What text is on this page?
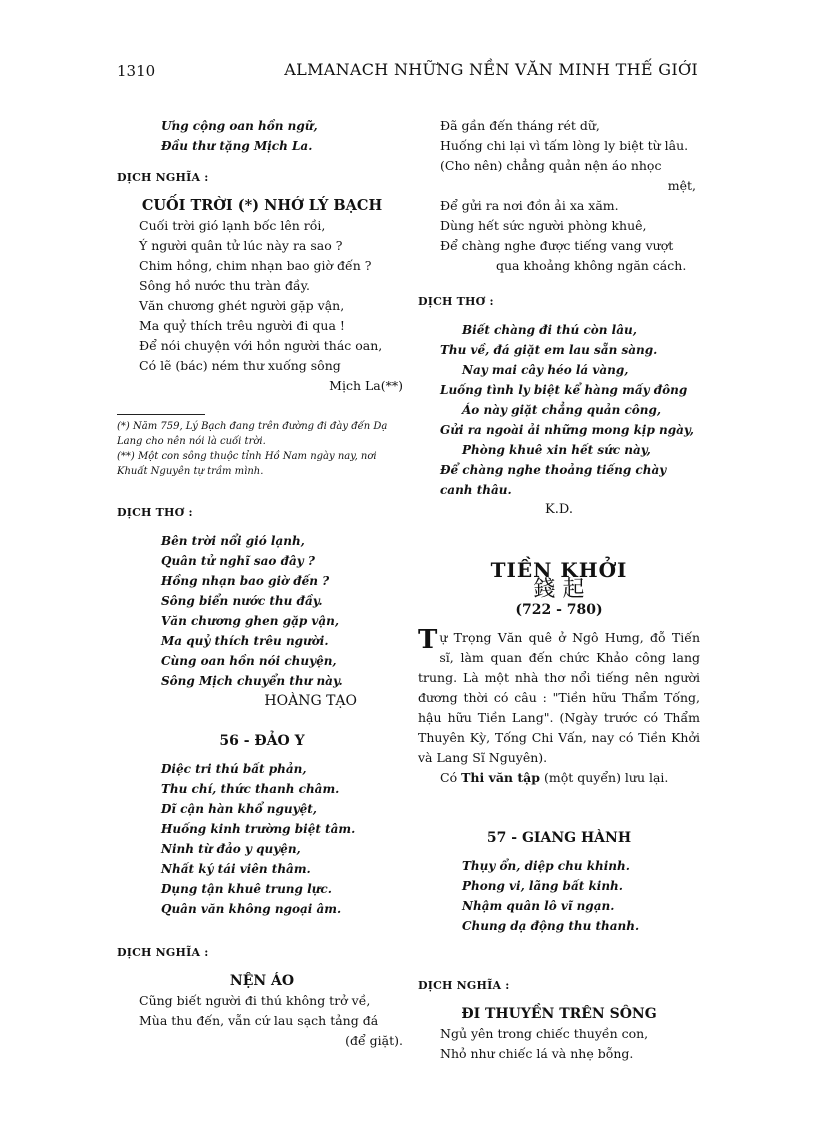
1310	ALMANACH NHỮNG NỀN VĂN MINH THẾ GIỚI
Ưng cộng oan hồn ngữ,
Đầu thư tặng Mịch La.
DỊCH NGHĨA :
CUỐI TRỜI (*) NHỚ LÝ BẠCH
Cuối trời gió lạnh bốc lên rồi,
Ý người quân tử lúc này ra sao ?
Chim hồng, chim nhạn bao giờ đến ?
Sông hồ nước thu tràn đầy.
Văn chương ghét người gặp vận,
Ma quỷ thích trêu người đi qua !
Để nói chuyện với hồn người thác oan,
Có lẽ (bác) ném thư xuống sông
Mịch La(**)
(*) Năm 759, Lý Bạch đang trên đường đi đày đến Dạ Lang cho nên nói là cuối trời.
(**) Một con sông thuộc tỉnh Hồ Nam ngày nay, nơi Khuất Nguyên tự trầm mình.
DỊCH THƠ :
Bên trời nổi gió lạnh,
Quân tử nghĩ sao đây ?
Hồng nhạn bao giờ đến ?
Sông biển nước thu đầy.
Văn chương ghen gặp vận,
Ma quỷ thích trêu người.
Cùng oan hồn nói chuyện,
Sông Mịch chuyển thư này.
HOÀNG TẠO
56 - ĐẢO Y
Diệc tri thú bất phản,
Thu chí, thức thanh châm.
Dĩ cận hàn khổ nguyệt,
Huống kinh trường biệt tâm.
Ninh từ đảo y quyện,
Nhất ký tái viên thâm.
Dụng tận khuê trung lực.
Quân văn không ngoại âm.
DỊCH NGHĨA :
NỆN ÁO
Cũng biết người đi thú không trở về,
Mùa thu đến, vẫn cứ lau sạch tảng đá
(để giặt).
Đã gần đến tháng rét dữ,
Huống chi lại vì tấm lòng ly biệt từ lâu.
(Cho nên) chẳng quản nện áo nhọc
mệt,
Để gửi ra nơi đồn ải xa xăm.
Dùng hết sức người phòng khuê,
Để chàng nghe được tiếng vang vượt
qua khoảng không ngăn cách.
DỊCH THƠ :
Biết chàng đi thú còn lâu,
Thu về, đá giặt em lau sẵn sàng.
Nay mai cây héo lá vàng,
Luống tình ly biệt kể hàng mấy đông
Áo này giặt chẳng quản công,
Gửi ra ngoài ải những mong kịp ngày,
Phòng khuê xin hết sức này,
Để chàng nghe thoảng tiếng chày canh thâu.
K.D.
TIỀN KHỞI
錢 起
(722 - 780)
Tự Trọng Văn quê ở Ngô Hưng, đỗ Tiến sĩ, làm quan đến chức Khảo công lang trung. Là một nhà thơ nổi tiếng nên người đương thời có câu : "Tiền hữu Thẩm Tống, hậu hữu Tiền Lang". (Ngày trước có Thẩm Thuyên Kỳ, Tống Chi Vấn, nay có Tiền Khởi và Lang Sĩ Nguyên).
Có Thi văn tập (một quyển) lưu lại.
57 - GIANG HÀNH
Thụy ổn, diệp chu khinh.
Phong vi, lãng bất kinh.
Nhậm quân lô vĩ ngạn.
Chung dạ động thu thanh.
DỊCH NGHĨA :
ĐI THUYỀN TRÊN SÔNG
Ngủ yên trong chiếc thuyền con,
Nhỏ như chiếc lá và nhẹ bỗng.
